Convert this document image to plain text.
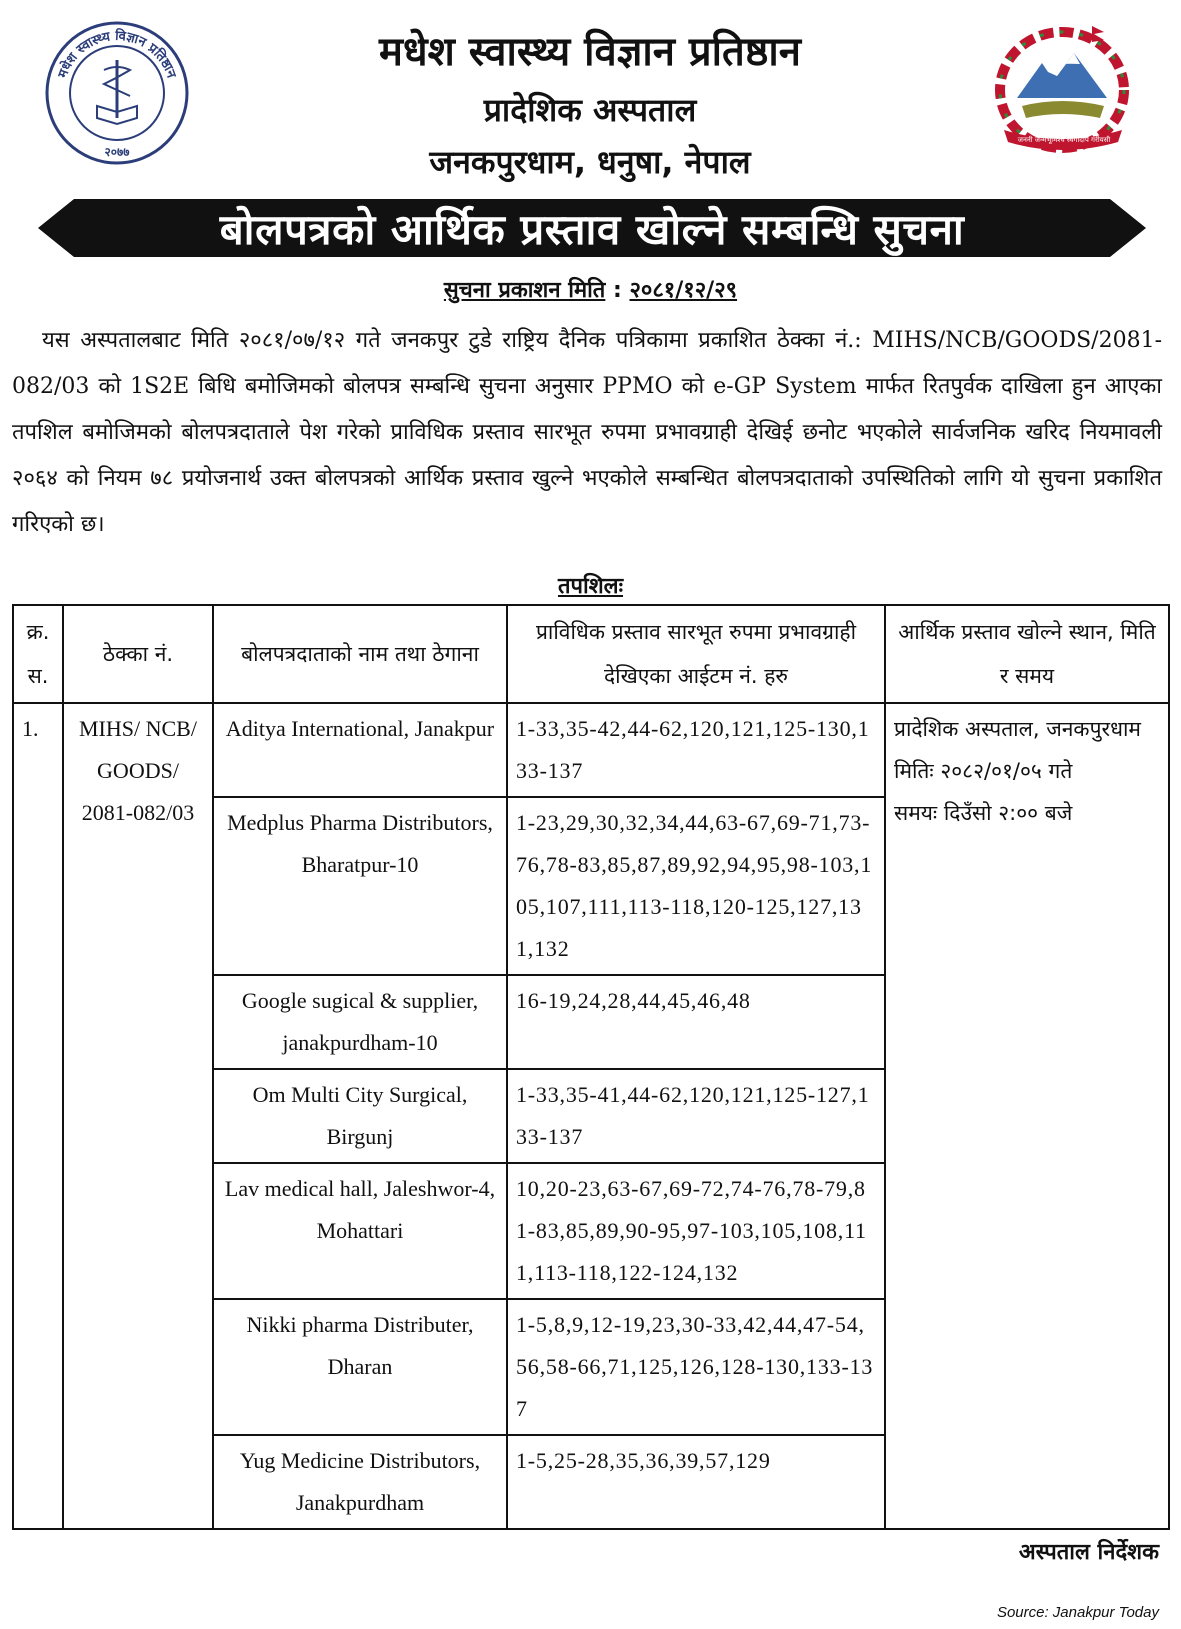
मधेश स्वास्थ्य विज्ञान प्रतिष्ठान
२०७७
जननी जन्मभूमिश्च स्वर्गादपि गरीयसी
मधेश स्वास्थ्य विज्ञान प्रतिष्ठान
प्रादेशिक अस्पताल
जनकपुरधाम, धनुषा, नेपाल
बोलपत्रको आर्थिक प्रस्ताव खोल्ने सम्बन्धि सुचना
सुचना प्रकाशन मिति : २०८१/१२/२९
यस अस्पतालबाट मिति २०८१/०७/१२ गते जनकपुर टुडे राष्ट्रिय दैनिक पत्रिकामा प्रकाशित ठेक्का नं.: MIHS/NCB/GOODS/2081-082/03 को 1S2E बिधि बमोजिमको बोलपत्र सम्बन्धि सुचना अनुसार PPMO को e-GP System मार्फत रितपुर्वक दाखिला हुन आएका तपशिल बमोजिमको बोलपत्रदाताले पेश गरेको प्राविधिक प्रस्ताव सारभूत रुपमा प्रभावग्राही देखिई छनोट भएकोले सार्वजनिक खरिद नियमावली २०६४ को नियम ७८ प्रयोजनार्थ उक्त बोलपत्रको आर्थिक प्रस्ताव खुल्ने भएकोले सम्बन्धित बोलपत्रदाताको उपस्थितिको लागि यो सुचना प्रकाशित गरिएको छ।
तपशिलः
क्र. स.	ठेक्का नं.	बोलपत्रदाताको नाम तथा ठेगाना	प्राविधिक प्रस्ताव सारभूत रुपमा प्रभावग्राही देखिएका आईटम नं. हरु	आर्थिक प्रस्ताव खोल्ने स्थान, मिति र समय
1.	MIHS/ NCB/ GOODS/ 2081-082/03	Aditya International, Janakpur	1-33,35-42,44-62,120,121,125-130,133-137	प्रादेशिक अस्पताल, जनकपुरधाम
मितिः २०८२/०१/०५ गते
समयः दिउँसो २:०० बजे

		Medplus Pharma Distributors, Bharatpur-10	1-23,29,30,32,34,44,63-67,69-71,73-76,78-83,85,87,89,92,94,95,98-103,105,107,111,113-118,120-125,127,131,132	
		Google sugical & supplier, janakpurdham-10	16-19,24,28,44,45,46,48	
		Om Multi City Surgical, Birgunj	1-33,35-41,44-62,120,121,125-127,133-137	
		Lav medical hall, Jaleshwor-4, Mohattari	10,20-23,63-67,69-72,74-76,78-79,81-83,85,89,90-95,97-103,105,108,111,113-118,122-124,132	
		Nikki pharma Distributer, Dharan	1-5,8,9,12-19,23,30-33,42,44,47-54,56,58-66,71,125,126,128-130,133-137	
		Yug Medicine Distributors, Janakpurdham	1-5,25-28,35,36,39,57,129	
अस्पताल निर्देशक
Source: Janakpur Today
